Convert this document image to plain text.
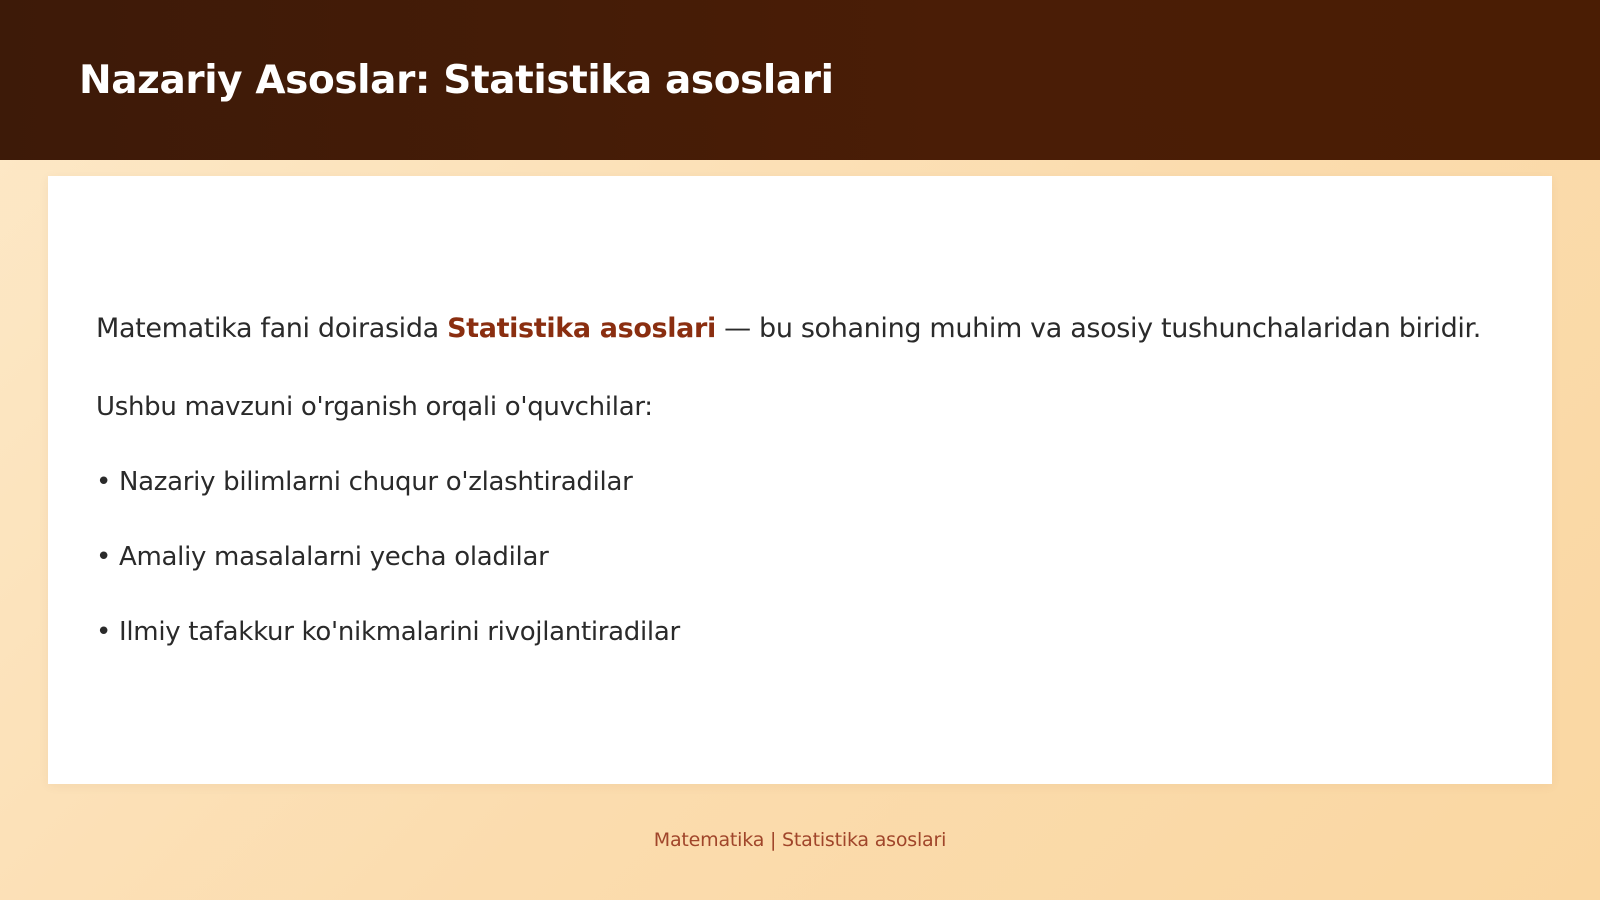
Nazariy Asoslar: Statistika asoslari

Matematika fani doirasida Statistika asoslari — bu sohaning muhim va asosiy tushunchalaridan biridir.

Ushbu mavzuni o'rganish orqali o'quvchilar:

• Nazariy bilimlarni chuqur o'zlashtiradilar
• Amaliy masalalarni yecha oladilar
• Ilmiy tafakkur ko'nikmalarini rivojlantiradilar
Matematika | Statistika asoslari
